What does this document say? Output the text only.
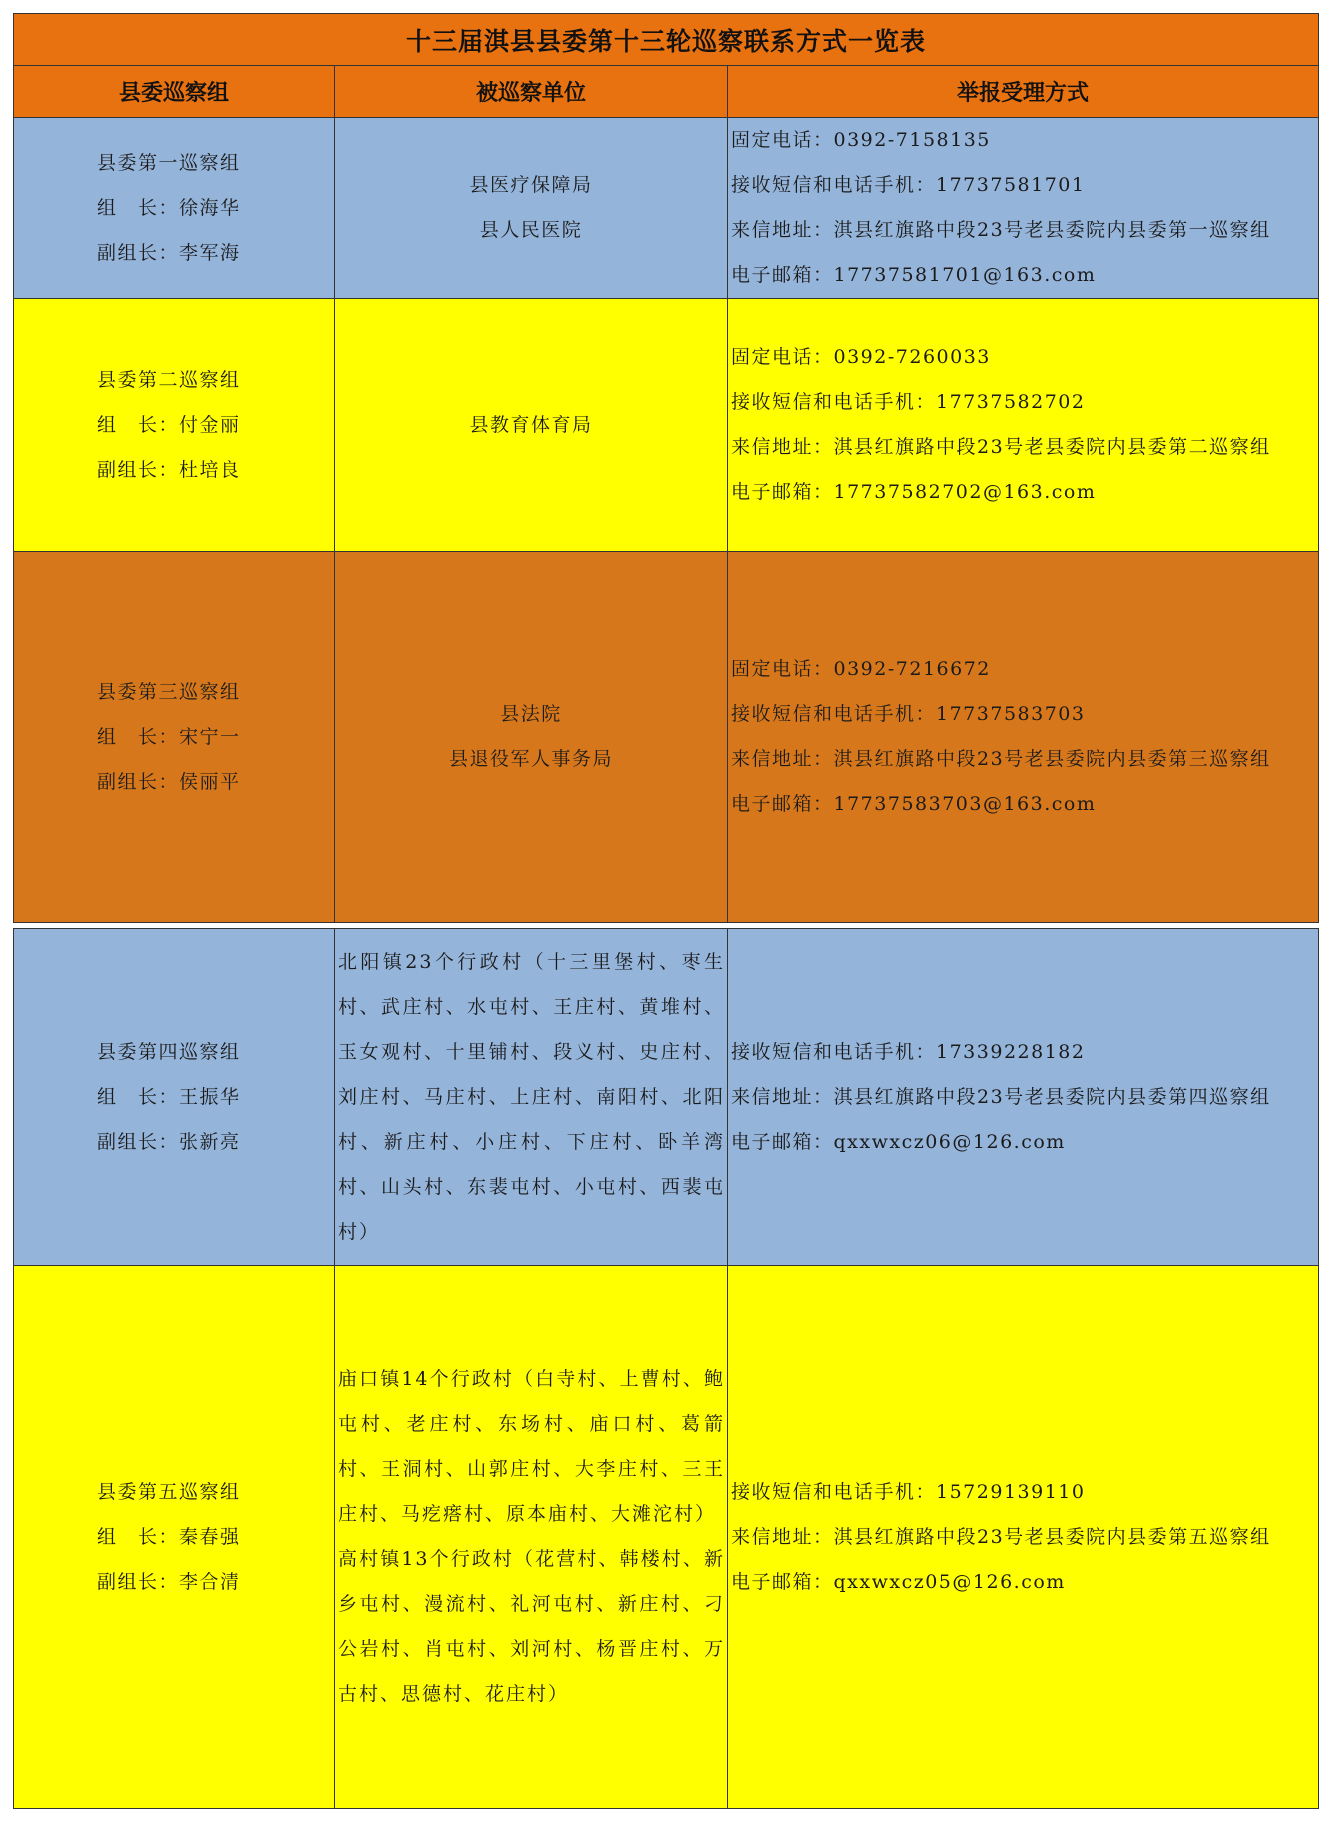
十三届淇县县委第十三轮巡察联系方式一览表
县委巡察组	被巡察单位	举报受理方式
县委第一巡察组
组　长：徐海华
副组长：李军海
县医疗保障局
县人民医院
固定电话：0392-7158135
接收短信和电话手机：17737581701
来信地址：淇县红旗路中段23号老县委院内县委第一巡察组
电子邮箱：17737581701@163.com
县委第二巡察组
组　长：付金丽
副组长：杜培良
县教育体育局
固定电话：0392-7260033
接收短信和电话手机：17737582702
来信地址：淇县红旗路中段23号老县委院内县委第二巡察组
电子邮箱：17737582702@163.com
县委第三巡察组
组　长：宋宁一
副组长：侯丽平
县法院
县退役军人事务局
固定电话：0392-7216672
接收短信和电话手机：17737583703
来信地址：淇县红旗路中段23号老县委院内县委第三巡察组
电子邮箱：17737583703@163.com
县委第四巡察组
组　长：王振华
副组长：张新亮
北阳镇23个行政村（十三里堡村、枣生村、武庄村、水屯村、王庄村、黄堆村、玉女观村、十里铺村、段义村、史庄村、刘庄村、马庄村、上庄村、南阳村、北阳村、新庄村、小庄村、下庄村、卧羊湾村、山头村、东裴屯村、小屯村、西裴屯村）
接收短信和电话手机：17339228182
来信地址：淇县红旗路中段23号老县委院内县委第四巡察组
电子邮箱：qxxwxcz06@126.com
县委第五巡察组
组　长：秦春强
副组长：李合清
庙口镇14个行政村（白寺村、上曹村、鲍屯村、老庄村、东场村、庙口村、葛箭村、王洞村、山郭庄村、大李庄村、三王庄村、马疙瘩村、原本庙村、大滩沱村）
高村镇13个行政村（花营村、韩楼村、新乡屯村、漫流村、礼河屯村、新庄村、刁公岩村、肖屯村、刘河村、杨晋庄村、万古村、思德村、花庄村）
接收短信和电话手机：15729139110
来信地址：淇县红旗路中段23号老县委院内县委第五巡察组
电子邮箱：qxxwxcz05@126.com
